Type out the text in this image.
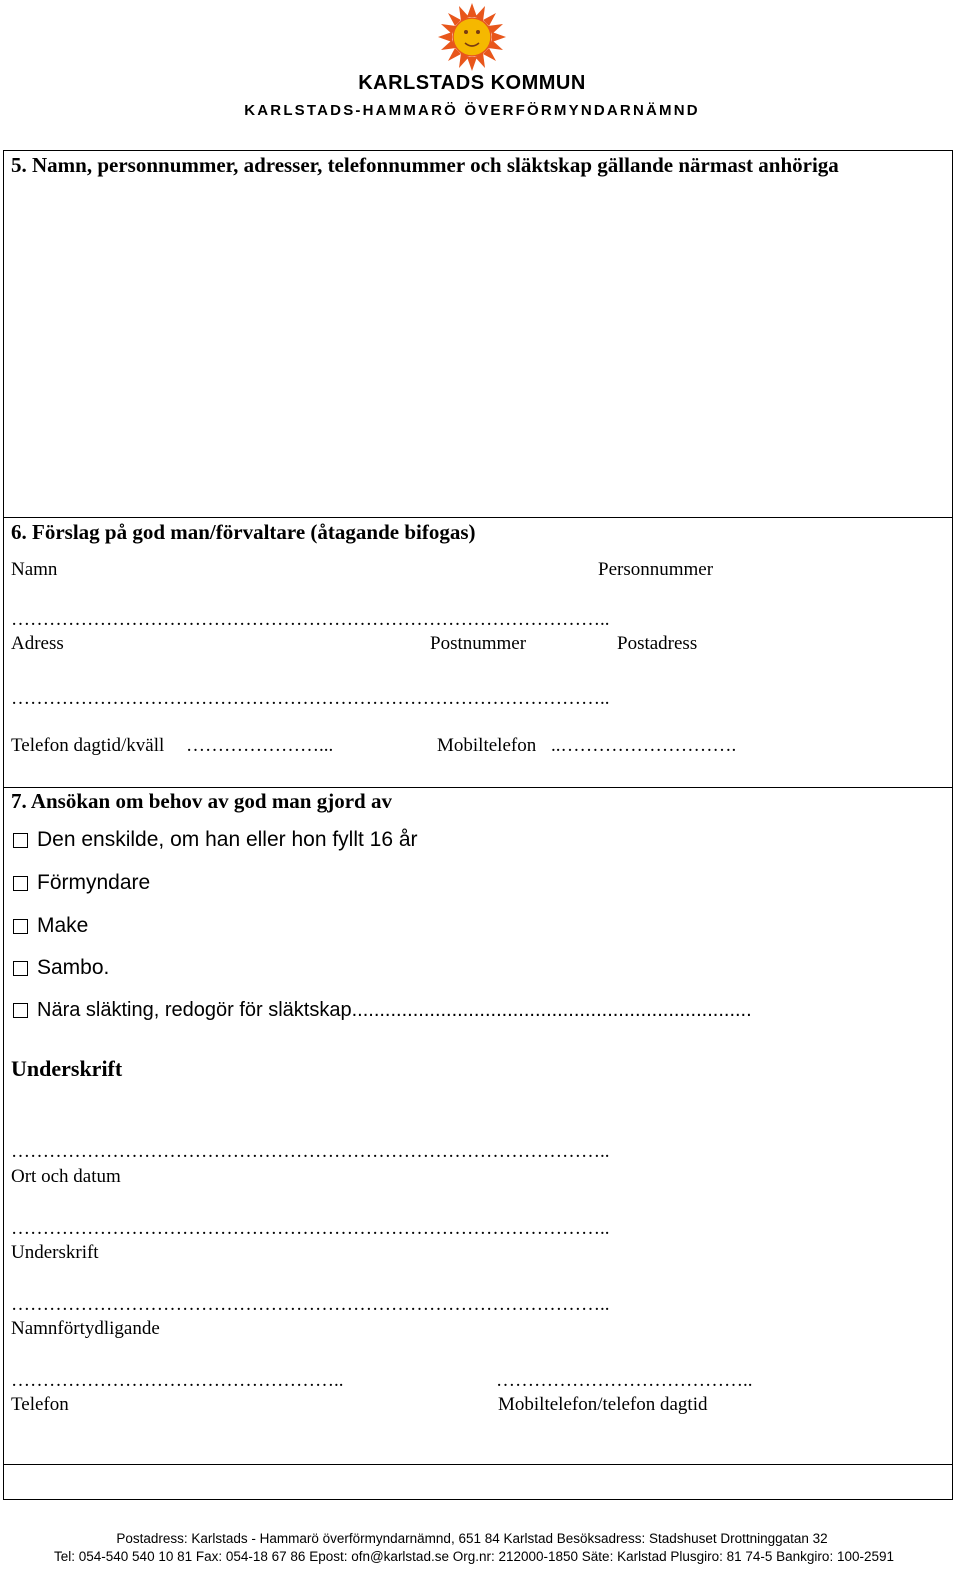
KARLSTADS KOMMUN
KARLSTADS-HAMMARÖ ÖVERFÖRMYNDARNÄMND
5. Namn, personnummer, adresser, telefonnummer och släktskap gällande närmast anhöriga
6. Förslag på god man/förvaltare (åtagande bifogas)
Namn	Personnummer
…………………………………………………………………………………..
Adress	Postnummer	Postadress
…………………………………………………………………………………..
Telefon dagtid/kväll …………………...	Mobiltelefon ..……………………….
7. Ansökan om behov av god man gjord av
Den enskilde, om han eller hon fyllt 16 år
Förmyndare
Make
Sambo.
Nära släkting, redogör för släktskap........................................................................
Underskrift
…………………………………………………………………………………..
Ort och datum
…………………………………………………………………………………..
Underskrift
…………………………………………………………………………………..
Namnförtydligande
……………………………………………..	…………………………………..
Telefon	Mobiltelefon/telefon dagtid
Postadress: Karlstads - Hammarö överförmyndarnämnd, 651 84 Karlstad Besöksadress: Stadshuset Drottninggatan 32
Tel: 054-540 540 10 81 Fax: 054-18 67 86 Epost: ofn@karlstad.se Org.nr: 212000-1850 Säte: Karlstad Plusgiro: 81 74-5 Bankgiro: 100-2591
